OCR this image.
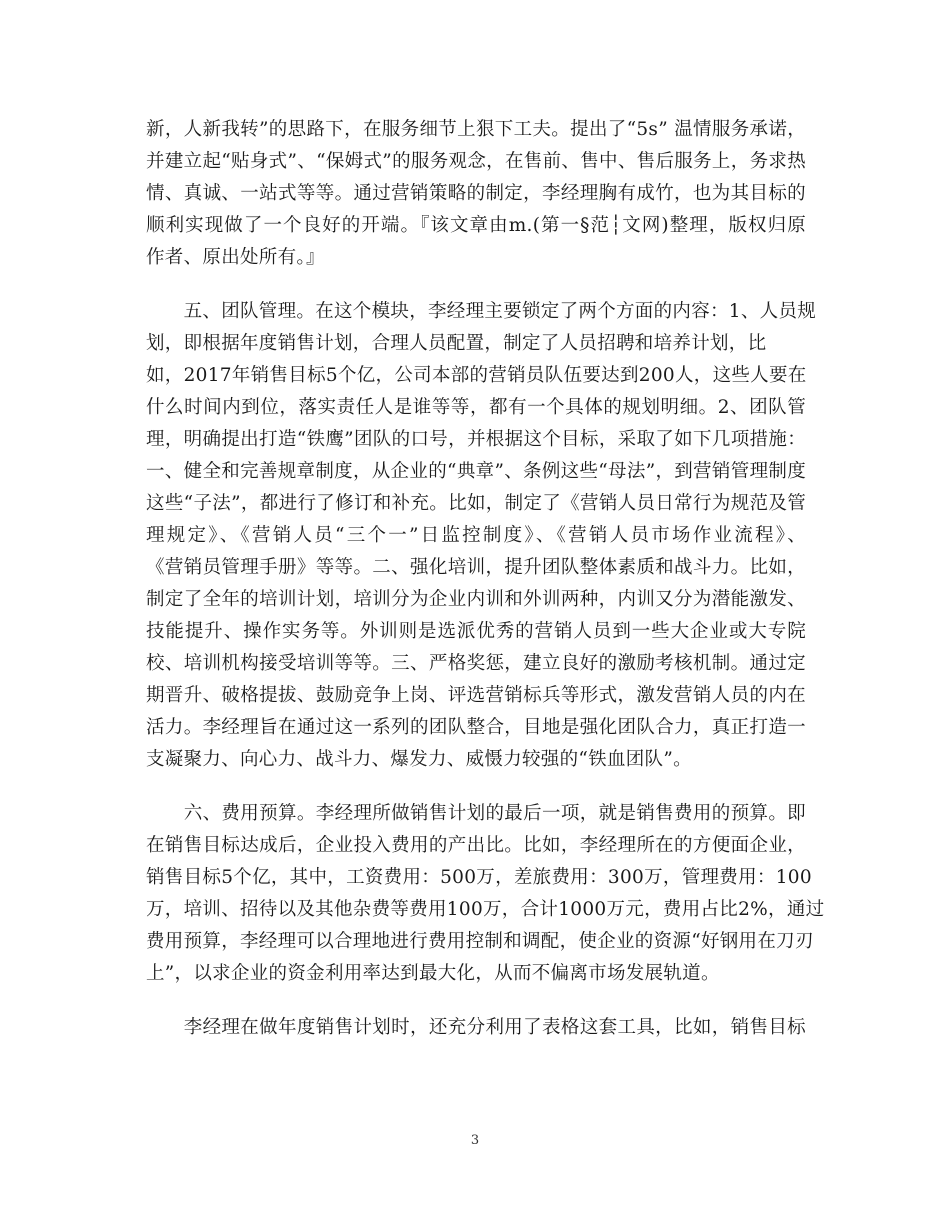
新，人新我转”的思路下，在服务细节上狠下工夫。提出了“5s” 温情服务承诺，
并建立起“贴身式”、“保姆式”的服务观念，在售前、售中、售后服务上，务求热
情、真诚、一站式等等。通过营销策略的制定，李经理胸有成竹，也为其目标的
顺利实现做了一个良好的开端。『该文章由m.(第一§范┆文网)整理，版权归原
作者、原出处所有。』
　　五、团队管理。在这个模块，李经理主要锁定了两个方面的内容：1、人员规
划，即根据年度销售计划，合理人员配置，制定了人员招聘和培养计划，比
如，2017年销售目标5个亿，公司本部的营销员队伍要达到200人，这些人要在
什么时间内到位，落实责任人是谁等等，都有一个具体的规划明细。2、团队管
理，明确提出打造“铁鹰”团队的口号，并根据这个目标，采取了如下几项措施：
一、健全和完善规章制度，从企业的“典章”、条例这些“母法”，到营销管理制度
这些“子法”，都进行了修订和补充。比如，制定了《营销人员日常行为规范及管
理规定》、《营销人员“三个一”日监控制度》、《营销人员市场作业流程》、
《营销员管理手册》等等。二、强化培训，提升团队整体素质和战斗力。比如，
制定了全年的培训计划，培训分为企业内训和外训两种，内训又分为潜能激发、
技能提升、操作实务等。外训则是选派优秀的营销人员到一些大企业或大专院
校、培训机构接受培训等等。三、严格奖惩，建立良好的激励考核机制。通过定
期晋升、破格提拔、鼓励竞争上岗、评选营销标兵等形式，激发营销人员的内在
活力。李经理旨在通过这一系列的团队整合，目地是强化团队合力，真正打造一
支凝聚力、向心力、战斗力、爆发力、威慑力较强的“铁血团队”。
　　六、费用预算。李经理所做销售计划的最后一项，就是销售费用的预算。即
在销售目标达成后，企业投入费用的产出比。比如，李经理所在的方便面企业，
销售目标5个亿，其中，工资费用：500万，差旅费用：300万，管理费用：100
万，培训、招待以及其他杂费等费用100万，合计1000万元，费用占比2%，通过
费用预算，李经理可以合理地进行费用控制和调配，使企业的资源“好钢用在刀刃
上”，以求企业的资金利用率达到最大化，从而不偏离市场发展轨道。
　　李经理在做年度销售计划时，还充分利用了表格这套工具，比如，销售目标
3
